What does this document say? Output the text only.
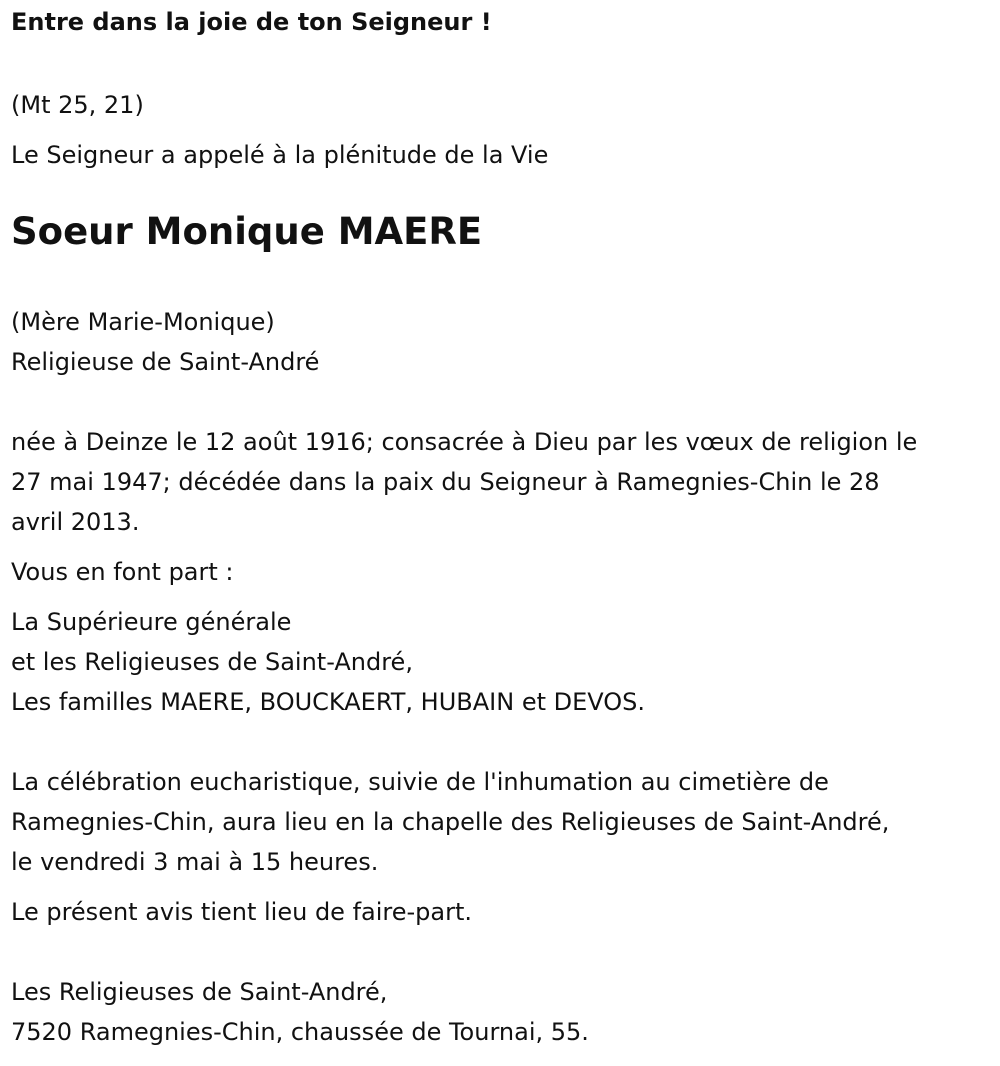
Entre dans la joie de ton Seigneur !
(Mt 25, 21)
Le Seigneur a appelé à la plénitude de la Vie
Soeur Monique MAERE
(Mère Marie-Monique)
Religieuse de Saint-André
née à Deinze le 12 août 1916; consacrée à Dieu par les vœux de religion le
27 mai 1947; décédée dans la paix du Seigneur à Ramegnies-Chin le 28
avril 2013.
Vous en font part :
La Supérieure générale
et les Religieuses de Saint-André,
Les familles MAERE, BOUCKAERT, HUBAIN et DEVOS.
La célébration eucharistique, suivie de l'inhumation au cimetière de
Ramegnies-Chin, aura lieu en la chapelle des Religieuses de Saint-André,
le vendredi 3 mai à 15 heures.
Le présent avis tient lieu de faire-part.
Les Religieuses de Saint-André,
7520 Ramegnies-Chin, chaussée de Tournai, 55.
